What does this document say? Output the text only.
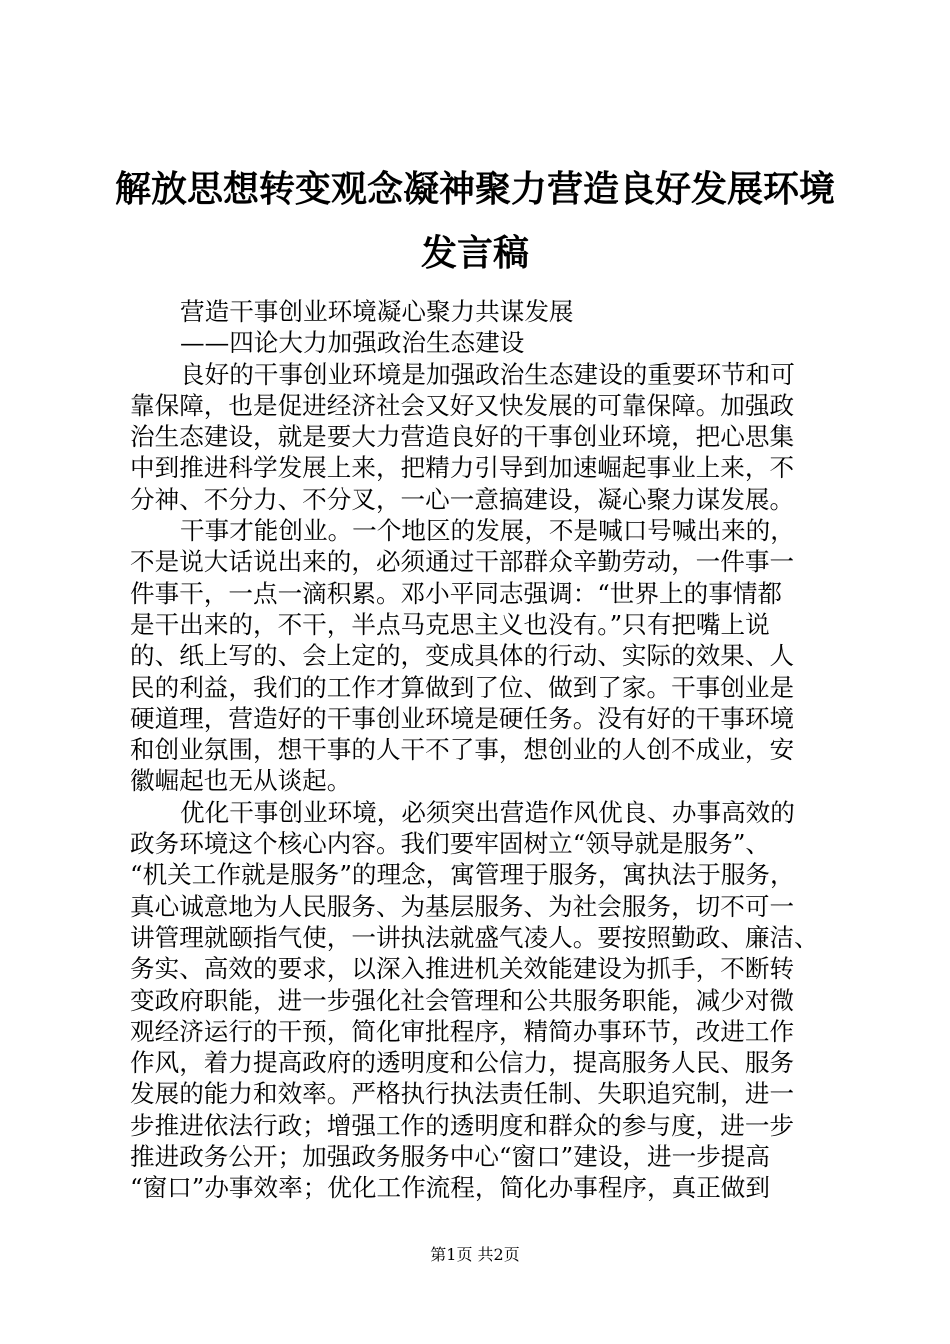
解放思想转变观念凝神聚力营造良好发展环境
发言稿
营造干事创业环境凝心聚力共谋发展
——四论大力加强政治生态建设
良好的干事创业环境是加强政治生态建设的重要环节和可
靠保障，也是促进经济社会又好又快发展的可靠保障。加强政
治生态建设，就是要大力营造良好的干事创业环境，把心思集
中到推进科学发展上来，把精力引导到加速崛起事业上来，不
分神、不分力、不分叉，一心一意搞建设，凝心聚力谋发展。
干事才能创业。一个地区的发展，不是喊口号喊出来的，
不是说大话说出来的，必须通过干部群众辛勤劳动，一件事一
件事干，一点一滴积累。邓小平同志强调：“世界上的事情都
是干出来的，不干，半点马克思主义也没有。”只有把嘴上说
的、纸上写的、会上定的，变成具体的行动、实际的效果、人
民的利益，我们的工作才算做到了位、做到了家。干事创业是
硬道理，营造好的干事创业环境是硬任务。没有好的干事环境
和创业氛围，想干事的人干不了事，想创业的人创不成业，安
徽崛起也无从谈起。
优化干事创业环境，必须突出营造作风优良、办事高效的
政务环境这个核心内容。我们要牢固树立“领导就是服务”、
“机关工作就是服务”的理念，寓管理于服务，寓执法于服务，
真心诚意地为人民服务、为基层服务、为社会服务，切不可一
讲管理就颐指气使，一讲执法就盛气凌人。要按照勤政、廉洁、
务实、高效的要求，以深入推进机关效能建设为抓手，不断转
变政府职能，进一步强化社会管理和公共服务职能，减少对微
观经济运行的干预，简化审批程序，精简办事环节，改进工作
作风，着力提高政府的透明度和公信力，提高服务人民、服务
发展的能力和效率。严格执行执法责任制、失职追究制，进一
步推进依法行政；增强工作的透明度和群众的参与度，进一步
推进政务公开；加强政务服务中心“窗口”建设，进一步提高
“窗口”办事效率；优化工作流程，简化办事程序，真正做到
第1页 共2页
